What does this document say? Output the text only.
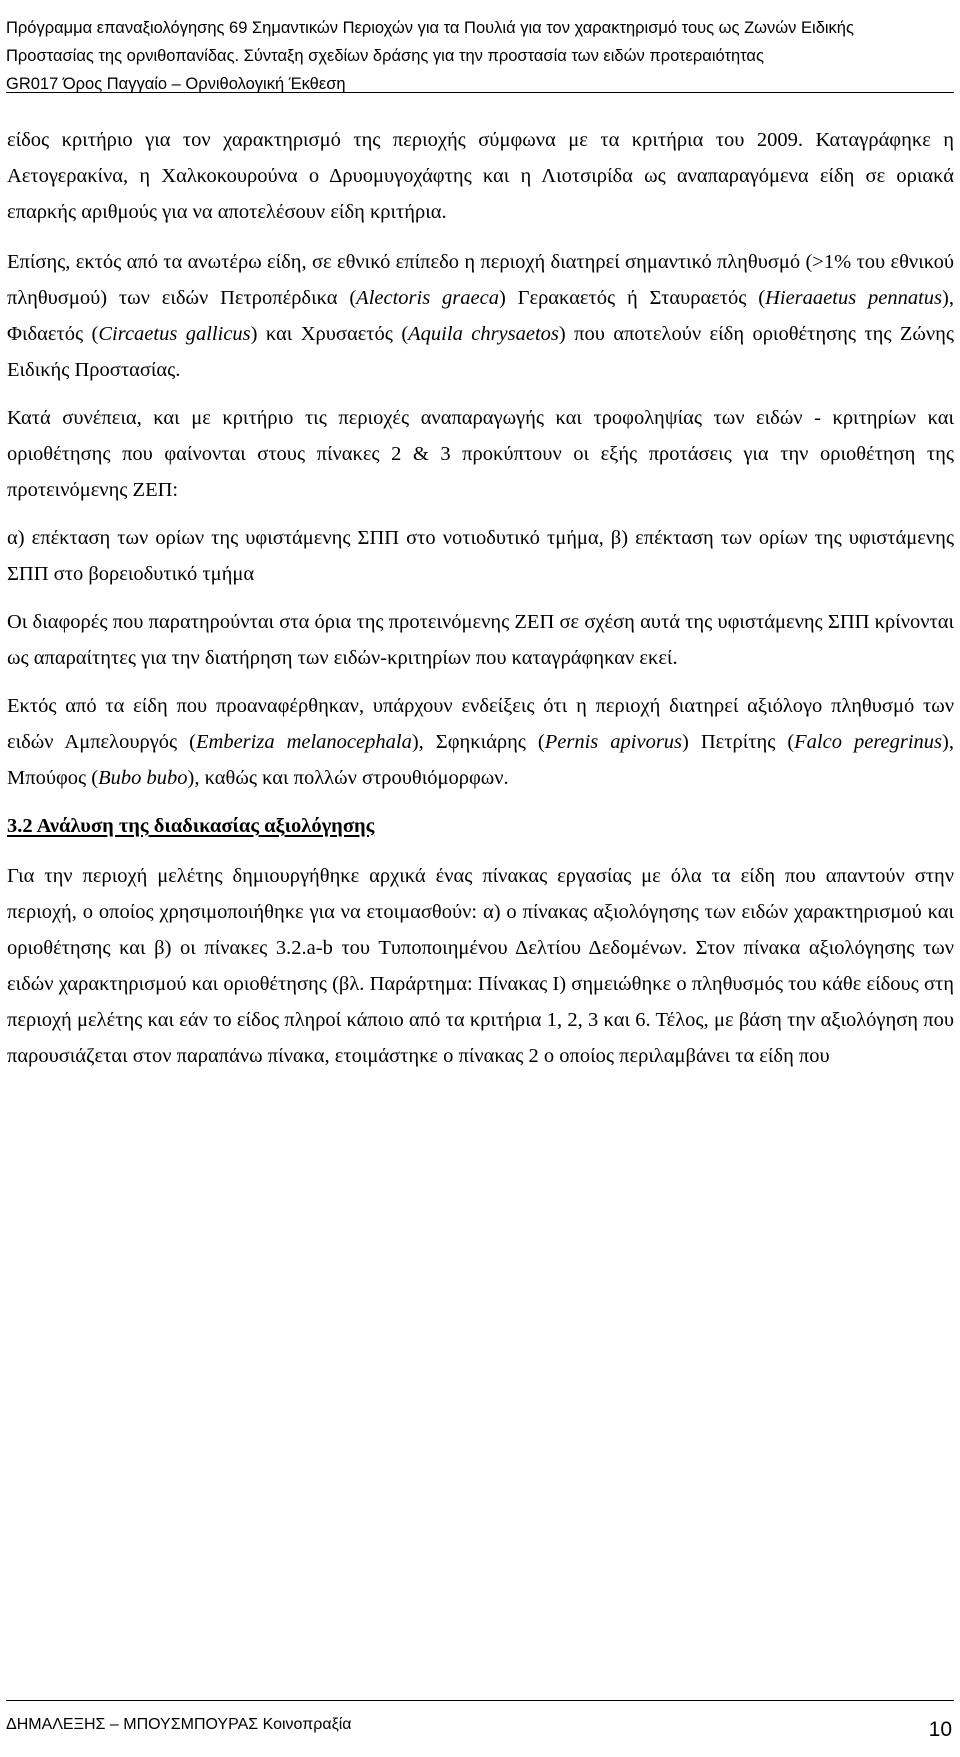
Πρόγραμμα επαναξιολόγησης 69 Σημαντικών Περιοχών για τα Πουλιά για τον χαρακτηρισμό τους ως Ζωνών Ειδικής
Προστασίας της ορνιθοπανίδας. Σύνταξη σχεδίων δράσης για την προστασία των ειδών προτεραιότητας
GR017 Όρος Παγγαίο – Ορνιθολογική Έκθεση

είδος κριτήριο για τον χαρακτηρισμό της περιοχής σύμφωνα με τα κριτήρια του 2009. Καταγράφηκε η Αετογερακίνα, η Χαλκοκουρούνα ο Δρυομυγοχάφτης και η Λιοτσιρίδα ως αναπαραγόμενα είδη σε οριακά επαρκής αριθμούς για να αποτελέσουν είδη κριτήρια.

Επίσης, εκτός από τα ανωτέρω είδη, σε εθνικό επίπεδο η περιοχή διατηρεί σημαντικό πληθυσμό (>1% του εθνικού πληθυσμού) των ειδών Πετροπέρδικα (Alectoris graeca) Γερακαετός ή Σταυραετός (Hieraaetus pennatus), Φιδαετός (Circaetus gallicus) και Χρυσαετός (Aquila chrysaetos) που αποτελούν είδη οριοθέτησης της Ζώνης Ειδικής Προστασίας.

Κατά συνέπεια, και με κριτήριο τις περιοχές αναπαραγωγής και τροφοληψίας των ειδών - κριτηρίων και οριοθέτησης που φαίνονται στους πίνακες 2 & 3 προκύπτουν οι εξής προτάσεις για την οριοθέτηση της προτεινόμενης ΖΕΠ:

α) επέκταση των ορίων της υφιστάμενης ΣΠΠ στο νοτιοδυτικό τμήμα, β) επέκταση των ορίων της υφιστάμενης ΣΠΠ στο βορειοδυτικό τμήμα

Οι διαφορές που παρατηρούνται στα όρια της προτεινόμενης ΖΕΠ σε σχέση αυτά της υφιστάμενης ΣΠΠ κρίνονται ως απαραίτητες για την διατήρηση των ειδών-κριτηρίων που καταγράφηκαν εκεί.

Εκτός από τα είδη που προαναφέρθηκαν, υπάρχουν ενδείξεις ότι η περιοχή διατηρεί αξιόλογο πληθυσμό των ειδών Αμπελουργός (Emberiza melanocephala), Σφηκιάρης (Pernis apivorus) Πετρίτης (Falco peregrinus), Μπούφος (Bubo bubo), καθώς και πολλών στρουθιόμορφων.

3.2 Ανάλυση της διαδικασίας αξιολόγησης

Για την περιοχή μελέτης δημιουργήθηκε αρχικά ένας πίνακας εργασίας με όλα τα είδη που απαντούν στην περιοχή, ο οποίος χρησιμοποιήθηκε για να ετοιμασθούν: α) ο πίνακας αξιολόγησης των ειδών χαρακτηρισμού και οριοθέτησης και β) οι πίνακες 3.2.a-b του Τυποποιημένου Δελτίου Δεδομένων. Στον πίνακα αξιολόγησης των ειδών χαρακτηρισμού και οριοθέτησης (βλ. Παράρτημα: Πίνακας Ι) σημειώθηκε ο πληθυσμός του κάθε είδους στη περιοχή μελέτης και εάν το είδος πληροί κάποιο από τα κριτήρια 1, 2, 3 και 6. Τέλος, με βάση την αξιολόγηση που παρουσιάζεται στον παραπάνω πίνακα, ετοιμάστηκε ο πίνακας 2 ο οποίος περιλαμβάνει τα είδη που

ΔΗΜΑΛΕΞΗΣ – ΜΠΟΥΣΜΠΟΥΡΑΣ Κοινοπραξία	10
